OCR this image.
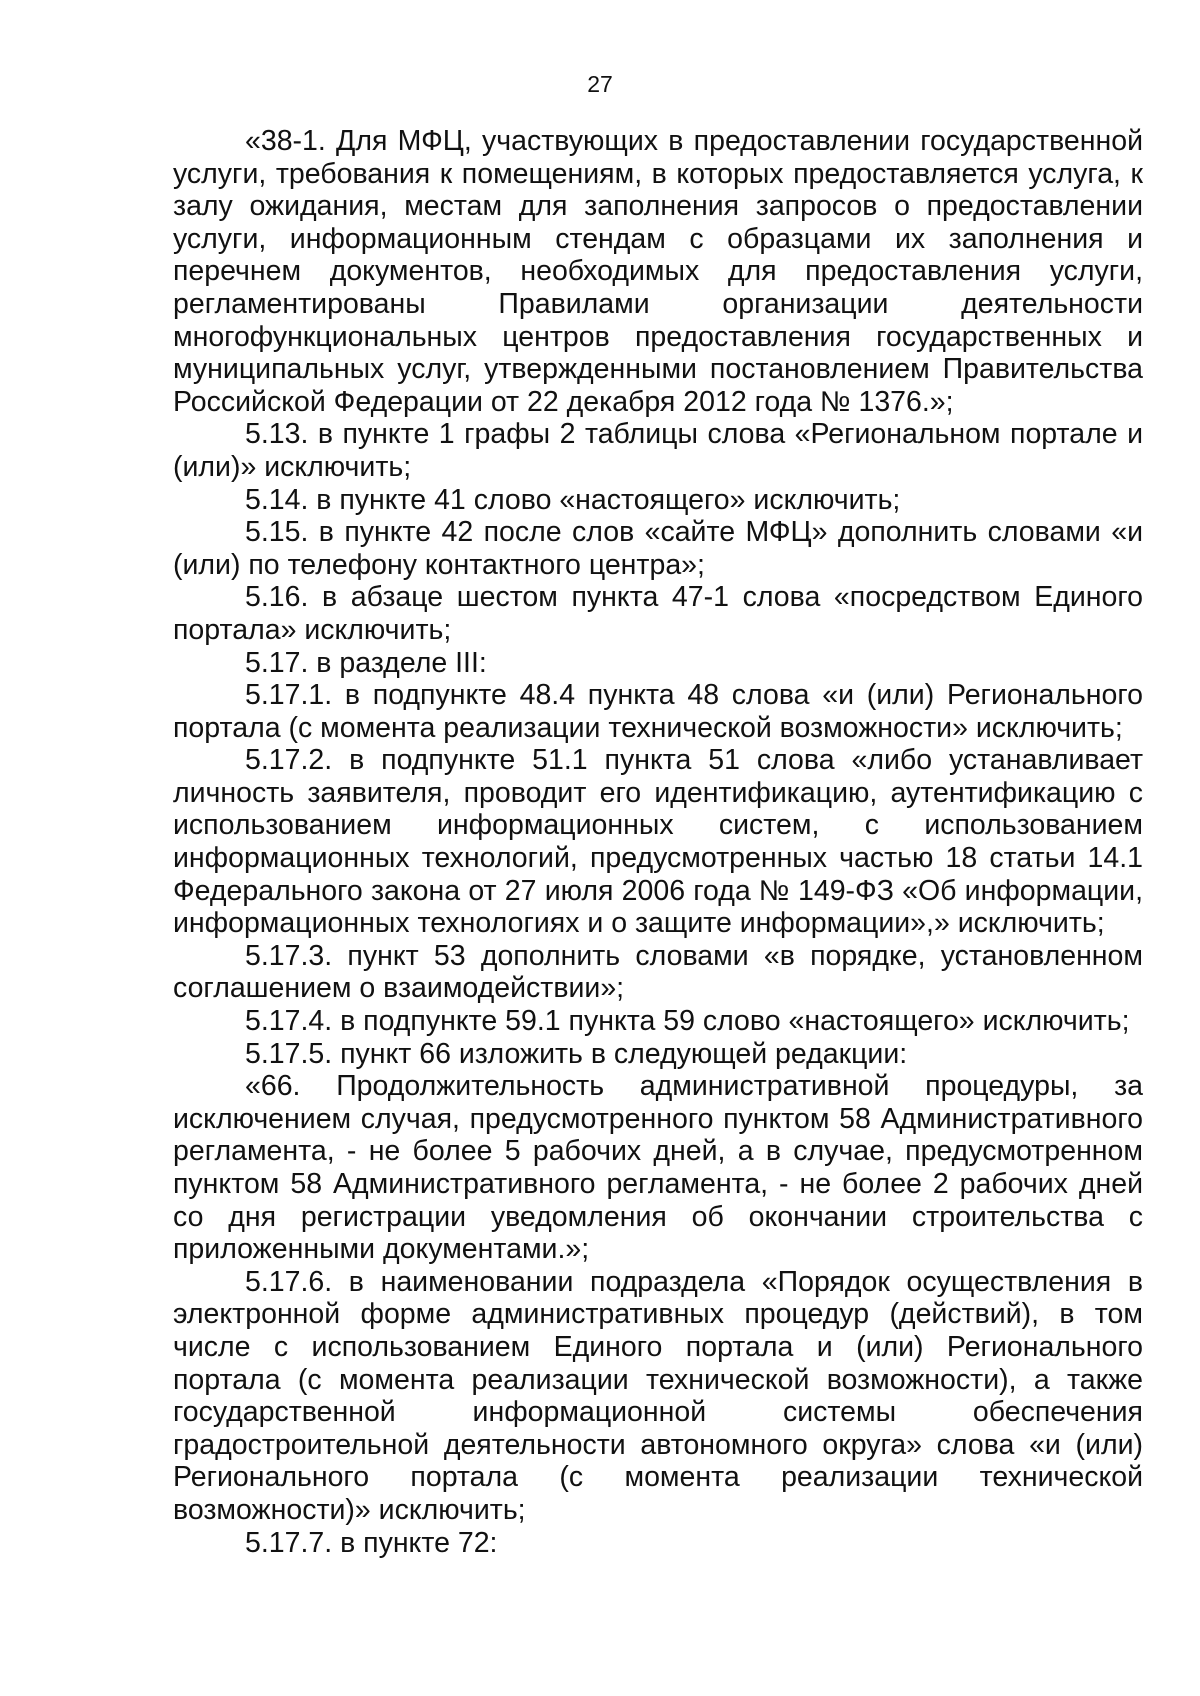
27

«38-1. Для МФЦ, участвующих в предоставлении государственной услуги, требования к помещениям, в которых предоставляется услуга, к залу ожидания, местам для заполнения запросов о предоставлении услуги, информационным стендам с образцами их заполнения и перечнем документов, необходимых для предоставления услуги, регламентированы Правилами организации деятельности многофункциональных центров предоставления государственных и муниципальных услуг, утвержденными постановлением Правительства Российской Федерации от 22 декабря 2012 года № 1376.»;

5.13. в пункте 1 графы 2 таблицы слова «Региональном портале и (или)» исключить;

5.14. в пункте 41 слово «настоящего» исключить;

5.15. в пункте 42 после слов «сайте МФЦ» дополнить словами «и (или) по телефону контактного центра»;

5.16. в абзаце шестом пункта 47-1 слова «посредством Единого портала» исключить;

5.17. в разделе III:

5.17.1. в подпункте 48.4 пункта 48 слова «и (или) Регионального портала (с момента реализации технической возможности» исключить;

5.17.2. в подпункте 51.1 пункта 51 слова «либо устанавливает личность заявителя, проводит его идентификацию, аутентификацию с использованием информационных систем, с использованием информационных технологий, предусмотренных частью 18 статьи 14.1 Федерального закона от 27 июля 2006 года № 149-ФЗ «Об информации, информационных технологиях и о защите информации»,» исключить;

5.17.3. пункт 53 дополнить словами «в порядке, установленном соглашением о взаимодействии»;

5.17.4. в подпункте 59.1 пункта 59 слово «настоящего» исключить;

5.17.5. пункт 66 изложить в следующей редакции:

«66. Продолжительность административной процедуры, за исключением случая, предусмотренного пунктом 58 Административного регламента, - не более 5 рабочих дней, а в случае, предусмотренном пунктом 58 Административного регламента, - не более 2 рабочих дней со дня регистрации уведомления об окончании строительства с приложенными документами.»;

5.17.6. в наименовании подраздела «Порядок осуществления в электронной форме административных процедур (действий), в том числе с использованием Единого портала и (или) Регионального портала (с момента реализации технической возможности), а также государственной информационной системы обеспечения градостроительной деятельности автономного округа» слова «и (или) Регионального портала (с момента реализации технической возможности)» исключить;

5.17.7. в пункте 72:
